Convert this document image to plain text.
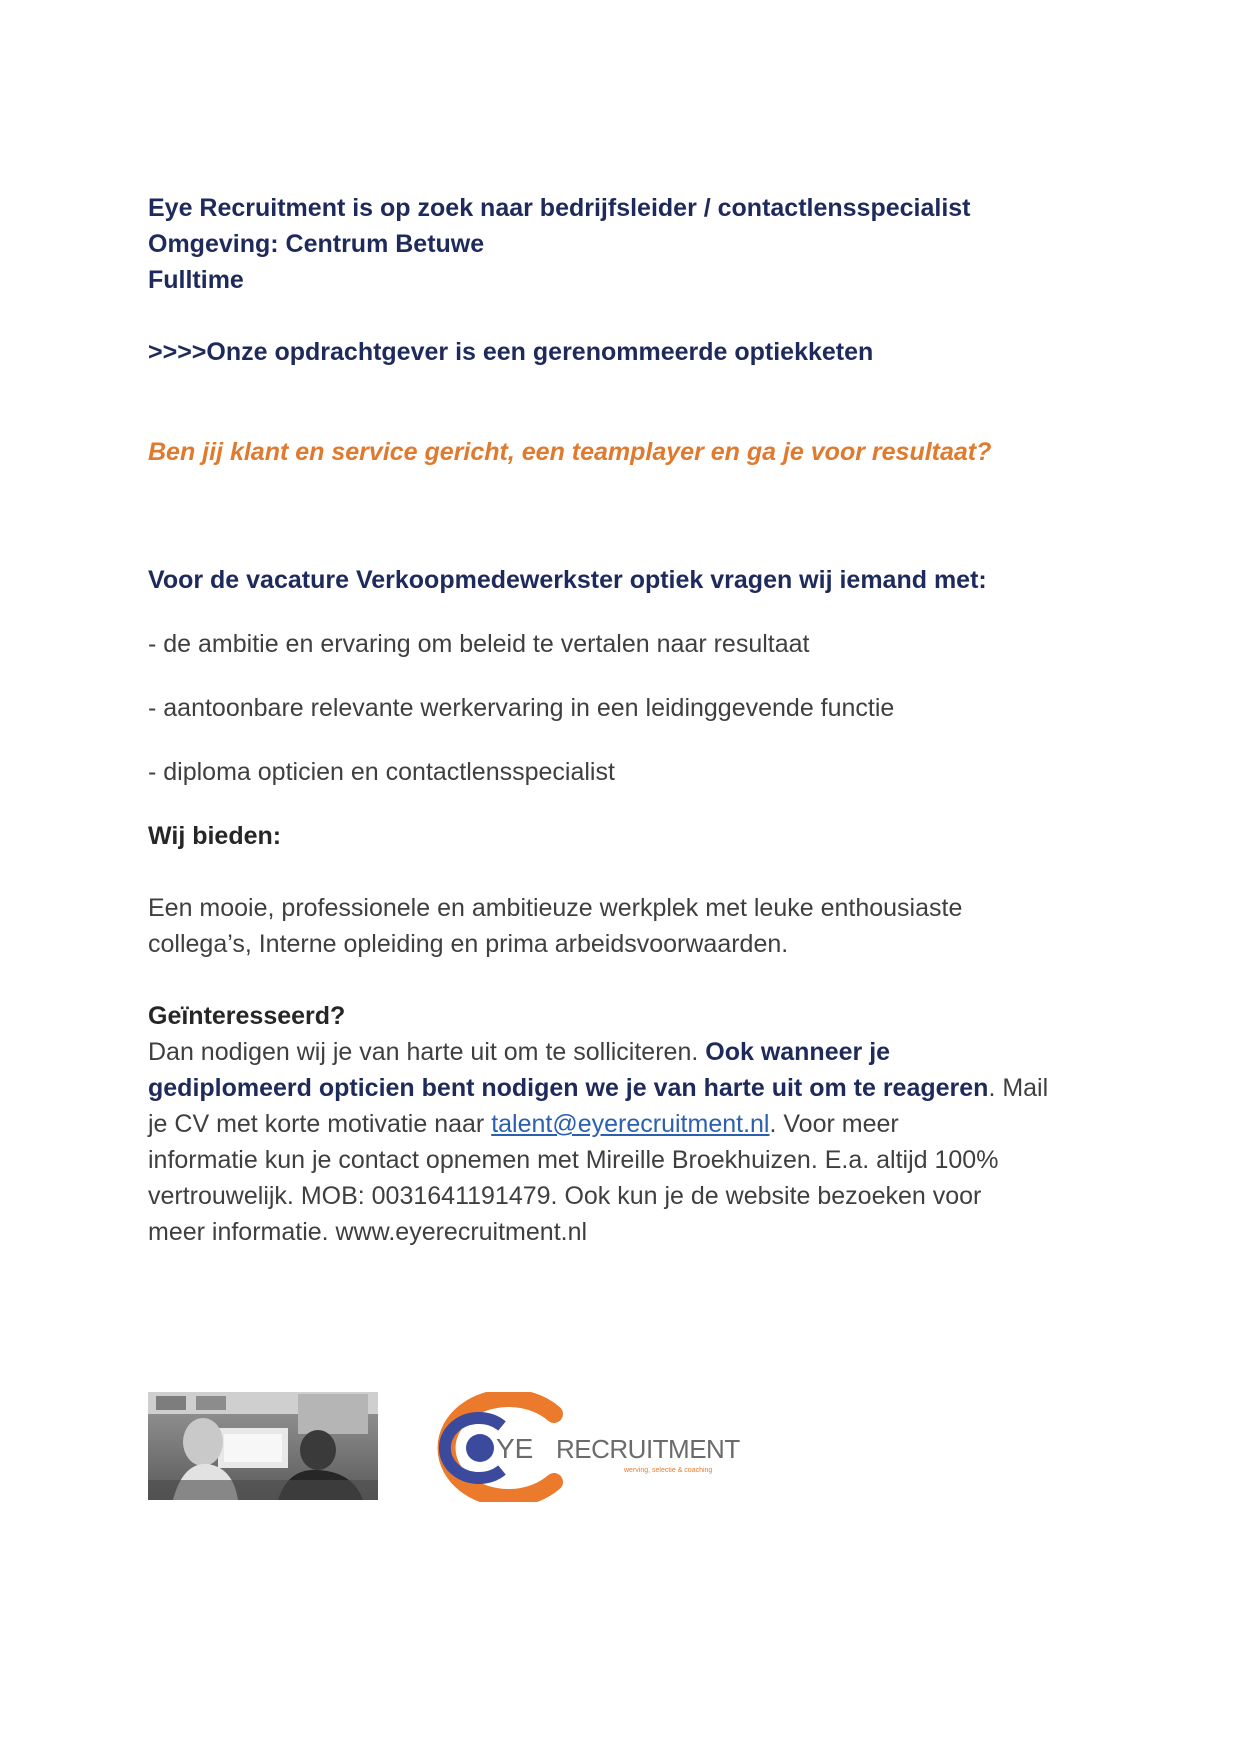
Eye Recruitment is op zoek naar bedrijfsleider / contactlensspecialist

Omgeving: Centrum Betuwe

Fulltime

>>>>Onze opdrachtgever is een gerenommeerde optiekketen

Ben jij klant en service gericht, een teamplayer en ga je voor resultaat?

Voor de vacature Verkoopmedewerkster optiek vragen wij iemand met:

- de ambitie en ervaring om beleid te vertalen naar resultaat

- aantoonbare relevante werkervaring in een leidinggevende functie

- diploma opticien en contactlensspecialist

Wij bieden:

Een mooie, professionele en ambitieuze werkplek met leuke enthousiaste

collega’s, Interne opleiding en prima arbeidsvoorwaarden.

Geïnteresseerd?

Dan nodigen wij je van harte uit om te solliciteren. Ook wanneer je

gediplomeerd opticien bent nodigen we je van harte uit om te reageren. Mail

je CV met korte motivatie naar talent@eyerecruitment.nl. Voor meer

informatie kun je contact opnemen met Mireille Broekhuizen. E.a. altijd 100%

vertrouwelijk. MOB: 0031641191479. Ook kun je de website bezoeken voor

meer informatie. www.eyerecruitment.nl

YE RECRUITMENT
werving, selectie & coaching
